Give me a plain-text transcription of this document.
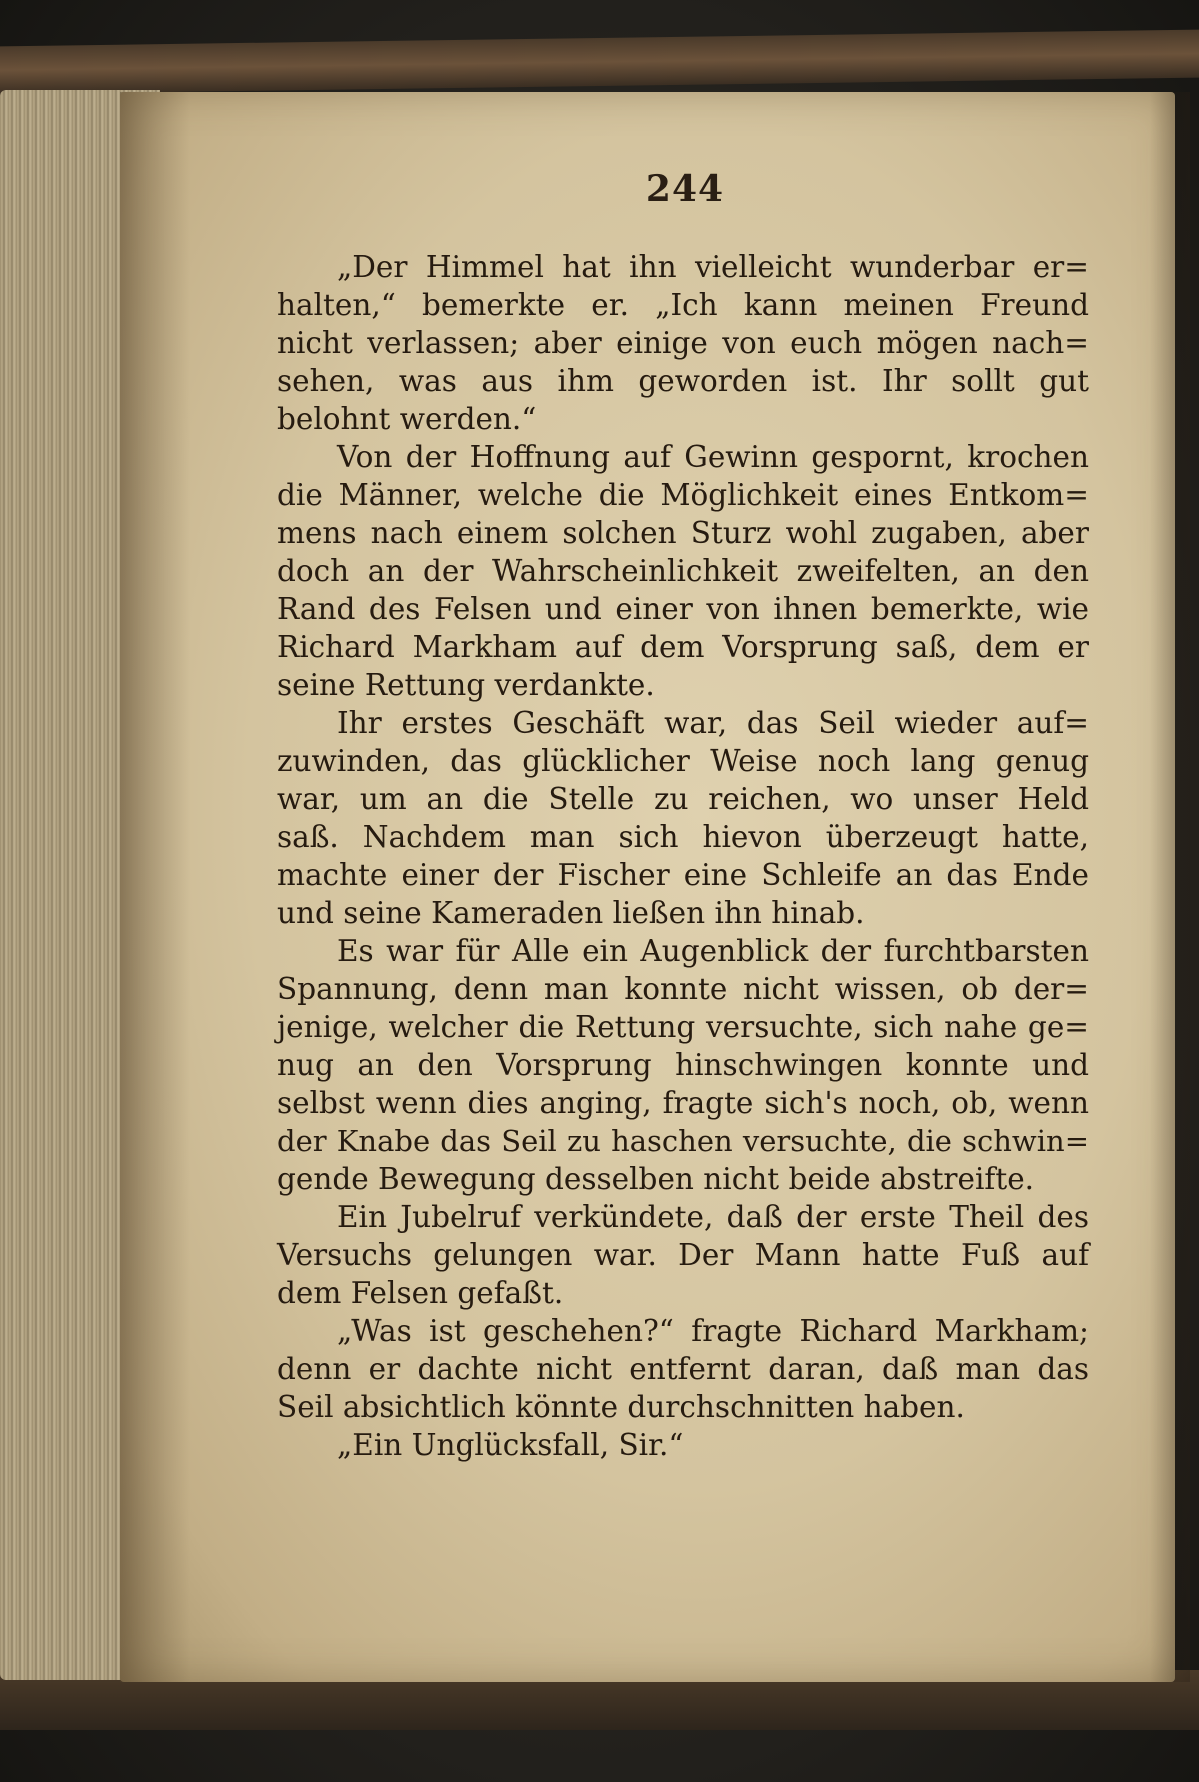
244
„Der Himmel hat ihn vielleicht wunderbar er=
halten,“ bemerkte er. „Ich kann meinen Freund
nicht verlassen; aber einige von euch mögen nach=
sehen, was aus ihm geworden ist. Ihr sollt gut
belohnt werden.“
Von der Hoffnung auf Gewinn gespornt, krochen
die Männer, welche die Möglichkeit eines Entkom=
mens nach einem solchen Sturz wohl zugaben, aber
doch an der Wahrscheinlichkeit zweifelten, an den
Rand des Felsen und einer von ihnen bemerkte, wie
Richard Markham auf dem Vorsprung saß, dem er
seine Rettung verdankte.
Ihr erstes Geschäft war, das Seil wieder auf=
zuwinden, das glücklicher Weise noch lang genug
war, um an die Stelle zu reichen, wo unser Held
saß. Nachdem man sich hievon überzeugt hatte,
machte einer der Fischer eine Schleife an das Ende
und seine Kameraden ließen ihn hinab.
Es war für Alle ein Augenblick der furchtbarsten
Spannung, denn man konnte nicht wissen, ob der=
jenige, welcher die Rettung versuchte, sich nahe ge=
nug an den Vorsprung hinschwingen konnte und
selbst wenn dies anging, fragte sich's noch, ob, wenn
der Knabe das Seil zu haschen versuchte, die schwin=
gende Bewegung desselben nicht beide abstreifte.
Ein Jubelruf verkündete, daß der erste Theil des
Versuchs gelungen war. Der Mann hatte Fuß auf
dem Felsen gefaßt.
„Was ist geschehen?“ fragte Richard Markham;
denn er dachte nicht entfernt daran, daß man das
Seil absichtlich könnte durchschnitten haben.
„Ein Unglücksfall, Sir.“
